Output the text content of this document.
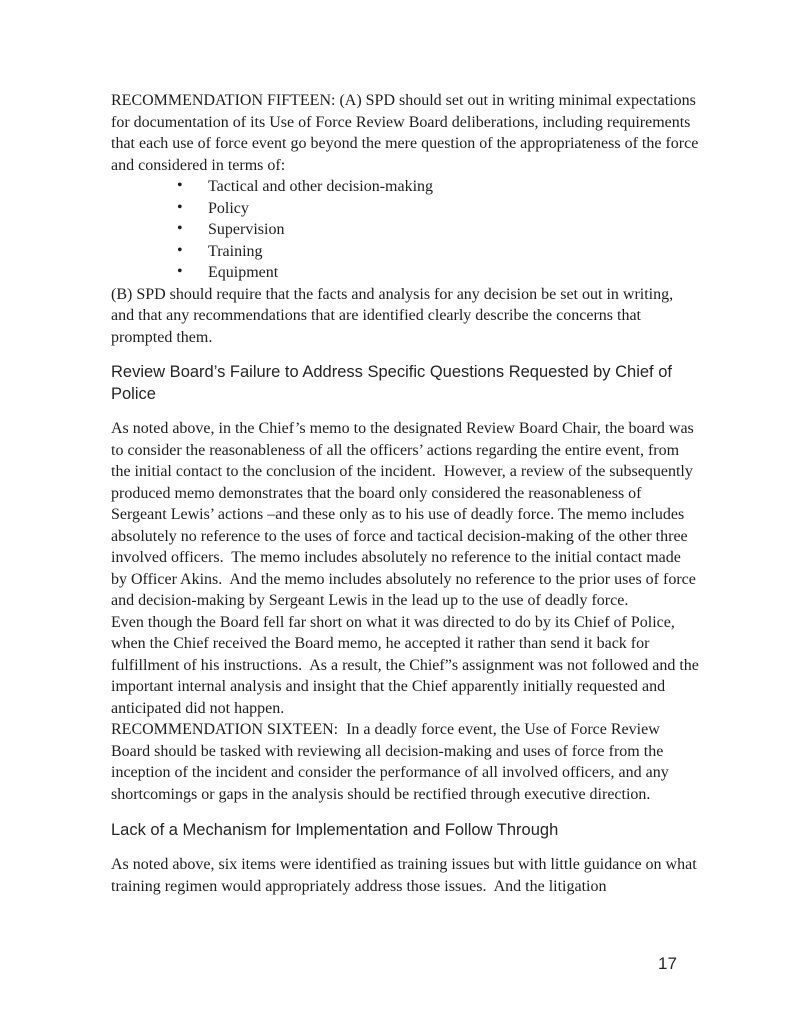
RECOMMENDATION FIFTEEN: (A) SPD should set out in writing minimal expectations for documentation of its Use of Force Review Board deliberations, including requirements that each use of force event go beyond the mere question of the appropriateness of the force and considered in terms of:

• Tactical and other decision-making
• Policy
• Supervision
• Training
• Equipment

(B) SPD should require that the facts and analysis for any decision be set out in writing, and that any recommendations that are identified clearly describe the concerns that prompted them.

Review Board’s Failure to Address Specific Questions Requested by Chief of Police

As noted above, in the Chief’s memo to the designated Review Board Chair, the board was to consider the reasonableness of all the officers’ actions regarding the entire event, from the initial contact to the conclusion of the incident.  However, a review of the subsequently produced memo demonstrates that the board only considered the reasonableness of Sergeant Lewis’ actions –and these only as to his use of deadly force. The memo includes absolutely no reference to the uses of force and tactical decision-making of the other three involved officers.  The memo includes absolutely no reference to the initial contact made by Officer Akins.  And the memo includes absolutely no reference to the prior uses of force and decision-making by Sergeant Lewis in the lead up to the use of deadly force.

Even though the Board fell far short on what it was directed to do by its Chief of Police, when the Chief received the Board memo, he accepted it rather than send it back for fulfillment of his instructions.  As a result, the Chief”s assignment was not followed and the important internal analysis and insight that the Chief apparently initially requested and anticipated did not happen.

RECOMMENDATION SIXTEEN:  In a deadly force event, the Use of Force Review Board should be tasked with reviewing all decision-making and uses of force from the inception of the incident and consider the performance of all involved officers, and any shortcomings or gaps in the analysis should be rectified through executive direction.

Lack of a Mechanism for Implementation and Follow Through

As noted above, six items were identified as training issues but with little guidance on what training regimen would appropriately address those issues.  And the litigation

17
